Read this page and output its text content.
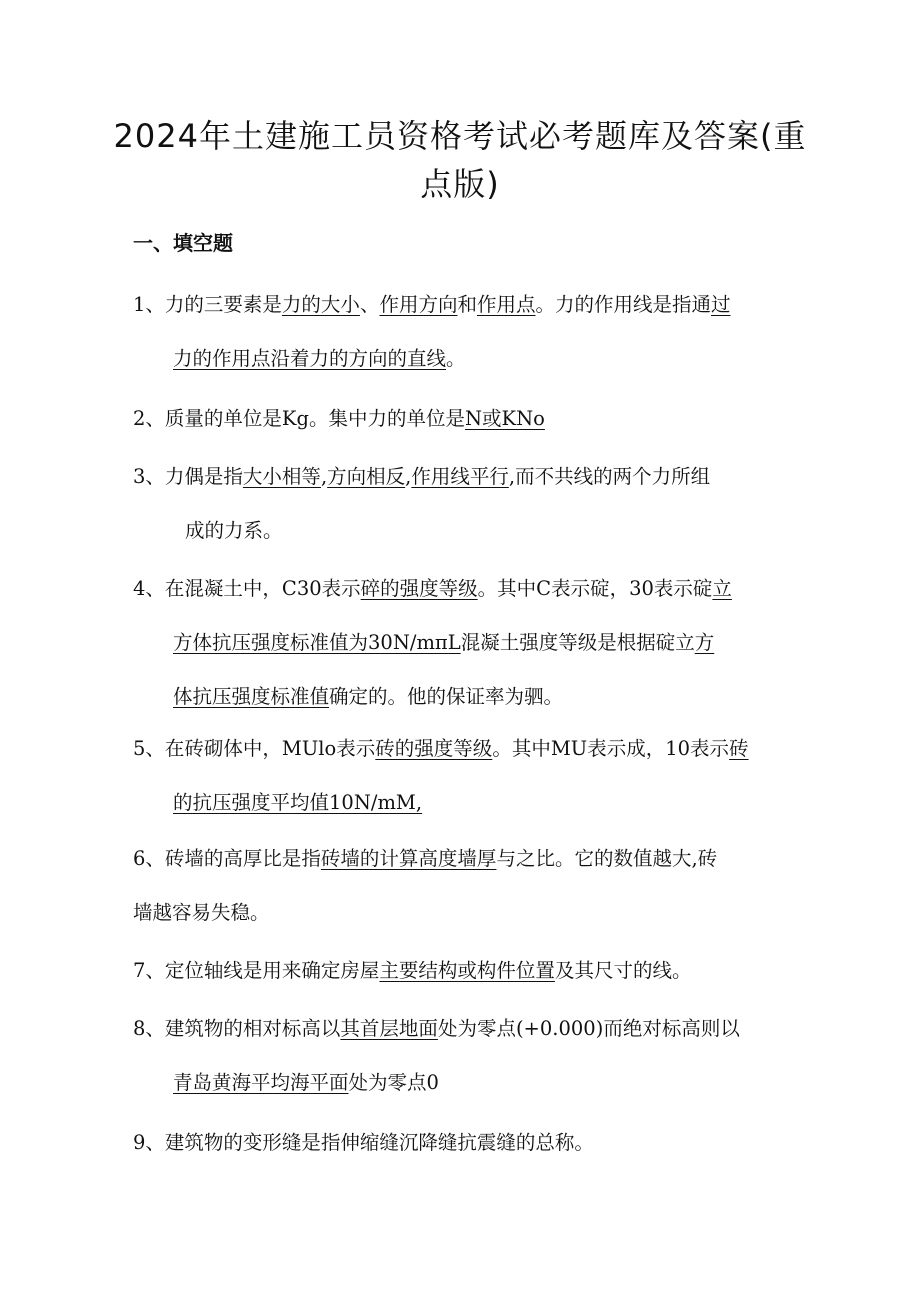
2024年土建施工员资格考试必考题库及答案(重
点版)
一、填空题

1、力的三要素是力的大小、作用方向和作用点。力的作用线是指通过
力的作用点沿着力的方向的直线。

2、质量的单位是Kg。集中力的单位是N或KNo

3、力偶是指大小相等,方向相反,作用线平行,而不共线的两个力所组
成的力系。

4、在混凝土中，C30表示碎的强度等级。其中C表示碇，30表示碇立
方体抗压强度标准值为30N/mπL混凝土强度等级是根据碇立方
体抗压强度标准值确定的。他的保证率为驷。

5、在砖砌体中，MUlo表示砖的强度等级。其中MU表示成，10表示砖
的抗压强度平均值10N/mM,

6、砖墙的高厚比是指砖墙的计算高度墙厚与之比。它的数值越大,砖
墙越容易失稳。

7、定位轴线是用来确定房屋主要结构或构件位置及其尺寸的线。

8、建筑物的相对标高以其首层地面处为零点(+0.000)而绝对标高则以
青岛黄海平均海平面处为零点0

9、建筑物的变形缝是指伸缩缝沉降缝抗震缝的总称。
